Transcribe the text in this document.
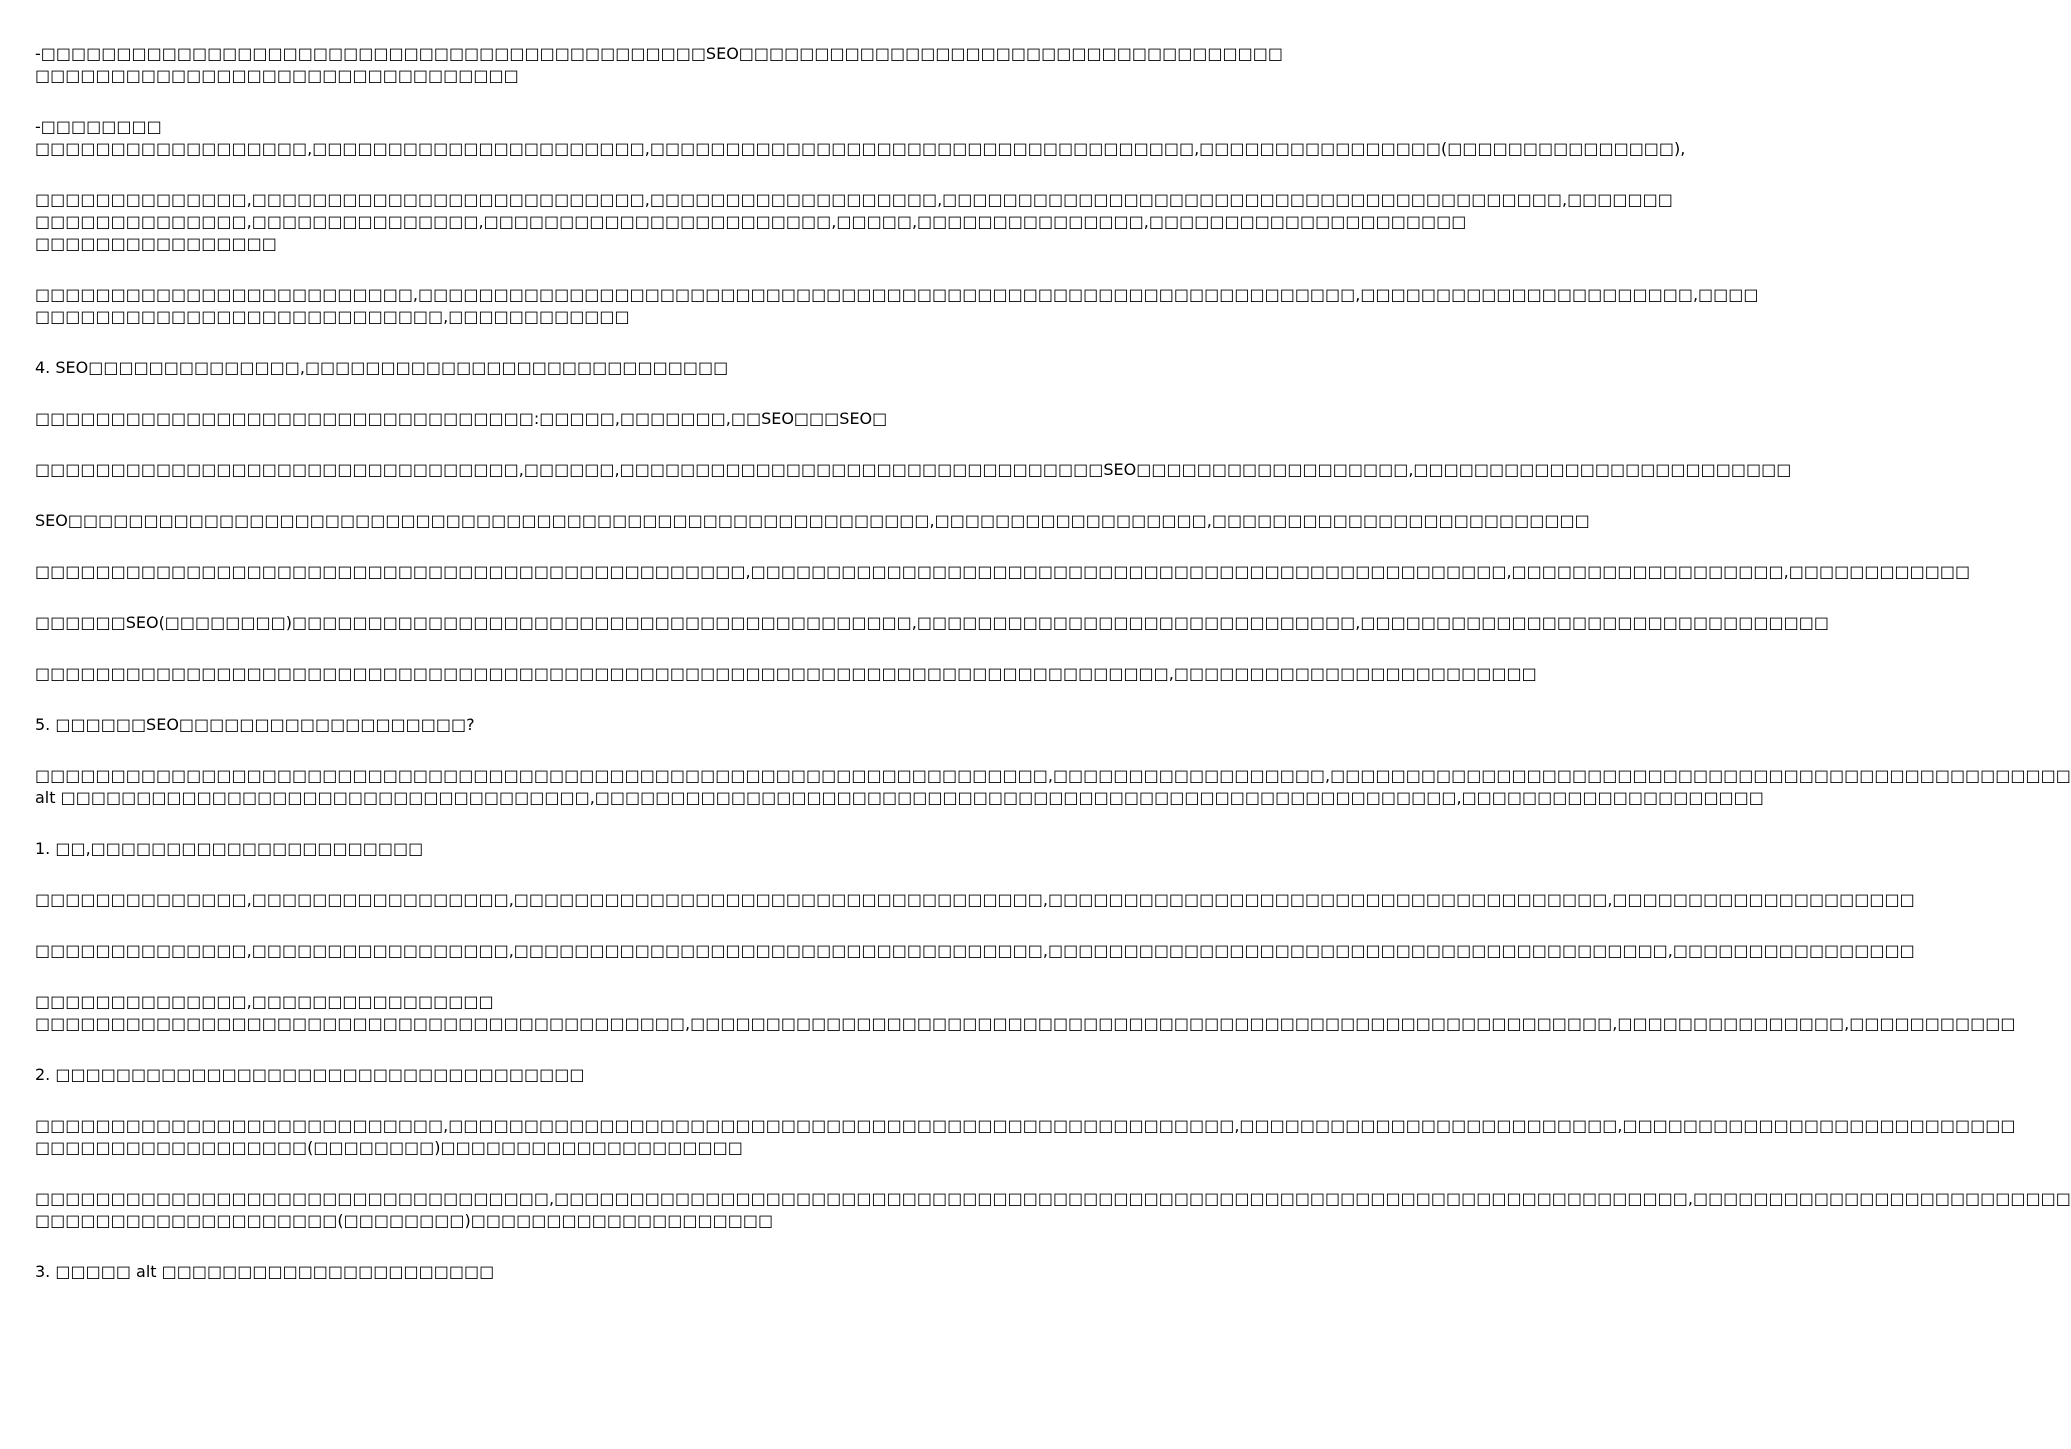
-□□□□□□□□□□□□□□□□□□□□□□□□□□□□□□□□□□□□□□□□□□□□SEO□□□□□□□□□□□□□□□□□□□□□□□□□□□□□□□□□□□□
□□□□□□□□□□□□□□□□□□□□□□□□□□□□□□□□
-□□□□□□□□
□□□□□□□□□□□□□□□□□□,□□□□□□□□□□□□□□□□□□□□□□,□□□□□□□□□□□□□□□□□□□□□□□□□□□□□□□□□□□□,□□□□□□□□□□□□□□□□(□□□□□□□□□□□□□□□),
□□□□□□□□□□□□□□,□□□□□□□□□□□□□□□□□□□□□□□□□□,□□□□□□□□□□□□□□□□□□□,□□□□□□□□□□□□□□□□□□□□□□□□□□□□□□□□□□□□□□□□□,□□□□□□□
□□□□□□□□□□□□□□,□□□□□□□□□□□□□□□,□□□□□□□□□□□□□□□□□□□□□□□,□□□□□,□□□□□□□□□□□□□□□,□□□□□□□□□□□□□□□□□□□□□
□□□□□□□□□□□□□□□□
□□□□□□□□□□□□□□□□□□□□□□□□□,□□□□□□□□□□□□□□□□□□□□□□□□□□□□□□□□□□□□□□□□□□□□□□□□□□□□□□□□□□□□□□,□□□□□□□□□□□□□□□□□□□□□□,□□□□
□□□□□□□□□□□□□□□□□□□□□□□□□□□,□□□□□□□□□□□□
4. SEO□□□□□□□□□□□□□□,□□□□□□□□□□□□□□□□□□□□□□□□□□□□
□□□□□□□□□□□□□□□□□□□□□□□□□□□□□□□□□:□□□□□,□□□□□□□,□□SEO□□□SEO□
□□□□□□□□□□□□□□□□□□□□□□□□□□□□□□□□,□□□□□□,□□□□□□□□□□□□□□□□□□□□□□□□□□□□□□□□SEO□□□□□□□□□□□□□□□□□□,□□□□□□□□□□□□□□□□□□□□□□□□□
SEO□□□□□□□□□□□□□□□□□□□□□□□□□□□□□□□□□□□□□□□□□□□□□□□□□□□□□□□□□,□□□□□□□□□□□□□□□□□□,□□□□□□□□□□□□□□□□□□□□□□□□□
□□□□□□□□□□□□□□□□□□□□□□□□□□□□□□□□□□□□□□□□□□□□□□□,□□□□□□□□□□□□□□□□□□□□□□□□□□□□□□□□□□□□□□□□□□□□□□□□□□,□□□□□□□□□□□□□□□□□□,□□□□□□□□□□□□
□□□□□□SEO(□□□□□□□□)□□□□□□□□□□□□□□□□□□□□□□□□□□□□□□□□□□□□□□□□□,□□□□□□□□□□□□□□□□□□□□□□□□□□□□□,□□□□□□□□□□□□□□□□□□□□□□□□□□□□□□□
□□□□□□□□□□□□□□□□□□□□□□□□□□□□□□□□□□□□□□□□□□□□□□□□□□□□□□□□□□□□□□□□□□□□□□□□□□□,□□□□□□□□□□□□□□□□□□□□□□□□
5. □□□□□□SEO□□□□□□□□□□□□□□□□□□□?
□□□□□□□□□□□□□□□□□□□□□□□□□□□□□□□□□□□□□□□□□□□□□□□□□□□□□□□□□□□□□□□□□□□,□□□□□□□□□□□□□□□□□□,□□□□□□□□□□□□□□□□□□□□□□□□□□□□□□□□□□□□□□□□□□□□□□□□□
alt □□□□□□□□□□□□□□□□□□□□□□□□□□□□□□□□□□□,□□□□□□□□□□□□□□□□□□□□□□□□□□□□□□□□□□□□□□□□□□□□□□□□□□□□□□□□□,□□□□□□□□□□□□□□□□□□□□
1. □□,□□□□□□□□□□□□□□□□□□□□□□
□□□□□□□□□□□□□□,□□□□□□□□□□□□□□□□□,□□□□□□□□□□□□□□□□□□□□□□□□□□□□□□□□□□□,□□□□□□□□□□□□□□□□□□□□□□□□□□□□□□□□□□□□□,□□□□□□□□□□□□□□□□□□□□
□□□□□□□□□□□□□□,□□□□□□□□□□□□□□□□□,□□□□□□□□□□□□□□□□□□□□□□□□□□□□□□□□□□□,□□□□□□□□□□□□□□□□□□□□□□□□□□□□□□□□□□□□□□□□□,□□□□□□□□□□□□□□□□
□□□□□□□□□□□□□□,□□□□□□□□□□□□□□□□
□□□□□□□□□□□□□□□□□□□□□□□□□□□□□□□□□□□□□□□□□□□,□□□□□□□□□□□□□□□□□□□□□□□□□□□□□□□□□□□□□□□□□□□□□□□□□□□□□□□□□□□□□,□□□□□□□□□□□□□□□,□□□□□□□□□□□
2. □□□□□□□□□□□□□□□□□□□□□□□□□□□□□□□□□□□
□□□□□□□□□□□□□□□□□□□□□□□□□□□,□□□□□□□□□□□□□□□□□□□□□□□□□□□□□□□□□□□□□□□□□□□□□□□□□□□□,□□□□□□□□□□□□□□□□□□□□□□□□□,□□□□□□□□□□□□□□□□□□□□□□□□□□
□□□□□□□□□□□□□□□□□□(□□□□□□□□)□□□□□□□□□□□□□□□□□□□□
□□□□□□□□□□□□□□□□□□□□□□□□□□□□□□□□□□,□□□□□□□□□□□□□□□□□□□□□□□□□□□□□□□□□□□□□□□□□□□□□□□□□□□□□□□□□□□□□□□□□□□□□□□□□□□,□□□□□□□□□□□□□□□□□□□□□□□□□
□□□□□□□□□□□□□□□□□□□□(□□□□□□□□)□□□□□□□□□□□□□□□□□□□□
3. □□□□□ alt □□□□□□□□□□□□□□□□□□□□□□
